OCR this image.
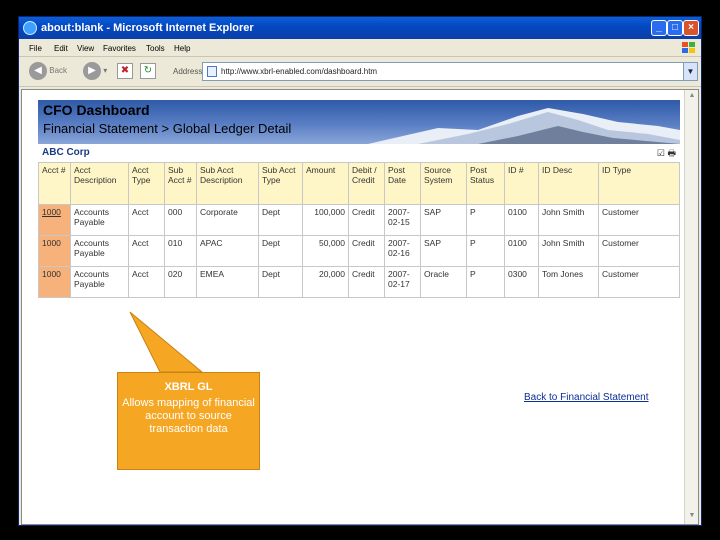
about:blank - Microsoft Internet Explorer	_	□	×
File Edit View Favorites Tools Help
◀ Back	▶ ▾	✖	↻	Address	http://www.xbrl-enabled.com/dashboard.htm	▼
CFO Dashboard
Financial Statement > Global Ledger Detail
ABC Corp	☑ 🖶
Acct #	Acct Description	Acct Type	Sub Acct #	Sub Acct Description	Sub Acct Type	Amount	Debit / Credit	Post Date	Source System	Post Status	ID #	ID Desc	ID Type
1000	Accounts Payable	Acct	000	Corporate	Dept	100,000	Credit	2007-02-15	SAP	P	0100	John Smith	Customer
1000	Accounts Payable	Acct	010	APAC	Dept	50,000	Credit	2007-02-16	SAP	P	0100	John Smith	Customer
1000	Accounts Payable	Acct	020	EMEA	Dept	20,000	Credit	2007-02-17	Oracle	P	0300	Tom Jones	Customer
Back to Financial Statement
XBRL GL
Allows mapping of financial account to source transaction data
▲
▼
